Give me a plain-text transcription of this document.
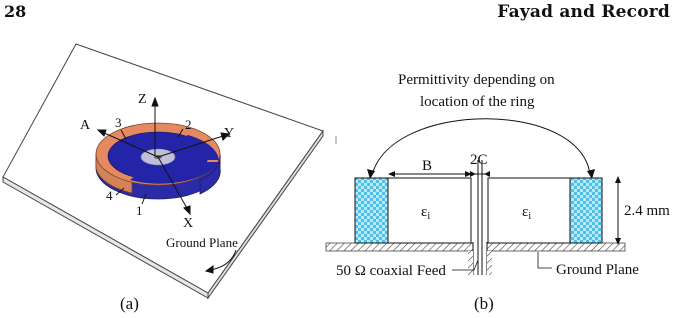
28	Fayad and Record
Z
Y
X
A 3	2
4
1
Ground Plane
(a)
Permittivity depending on
location of the ring
B	2C
$\varepsilon_i$	$\varepsilon_i$	2.4 mm
50 Ω coaxial Feed	Ground Plane
(b)
